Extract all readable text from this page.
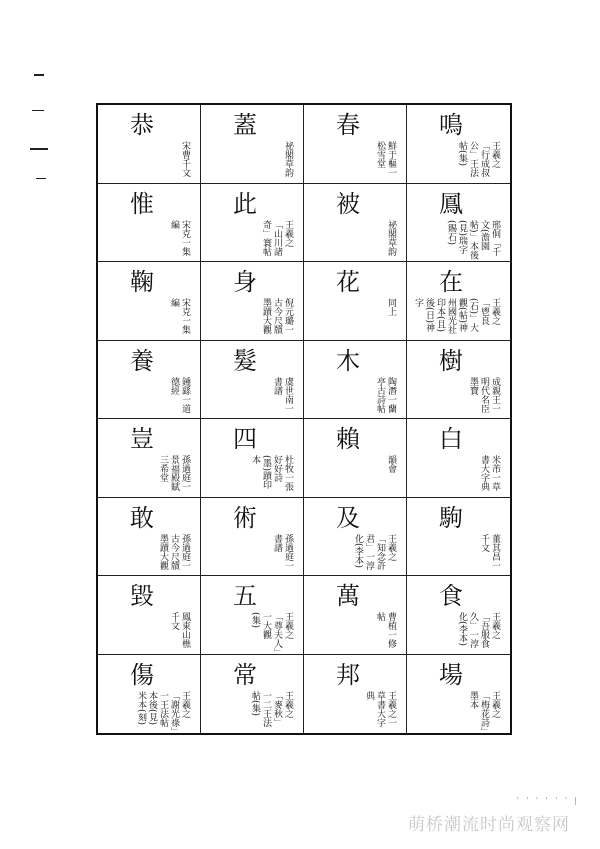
恭
宋曹千文
蓋
祕閣草韵
春
鮮于樞一松雪堂
鳴
王羲之「行成叔公」王法帖(集)
惟
宋克一集編
此
王羲之「山川諸奇」寰帖
被
祕閣草韵
鳳
邢侗「千文(澹園帖)」本後(見)瑞字(賜石)
鞠
宋克一集編
身
倪元璐一古今尺牘墨蹟大觀
花
同上
在
王羲之「鬯良(石)」大觀(帖)神州國光社印本(且)後(日)神字
養
鍾繇一道德經
髮
虞世南一書譜
木
陶潛一蘭亭古詩帖
樹
成親王一明代名臣墨寶
豈
孫過庭一景福殿賦三希堂
四
杜牧一張好好詩(墨)蹟印本
賴
韻會
白
米芾一草書大字典
敢
孫過庭一古今尺牘墨蹟大觀
術
孫過庭一書譜
及
王羲之「知念許君」一淳化(李本)
駒
董其昌一千文
毀
鳳東山樵千文
五
王羲之「尊夫人」一大觀(集)
萬
曹植一修帖
食
王羲之「吾服食久」一淳化(李本)
傷
王羲之「謝光祿」一王法帖本後(見)米本(刻)
常
王羲之「麥秋」一二王法帖(集)
邦
王羲之一草書大字典
場
王羲之「梅花詩」墨本
' ' ' ' ' ' |
萌桥潮流时尚观察网
